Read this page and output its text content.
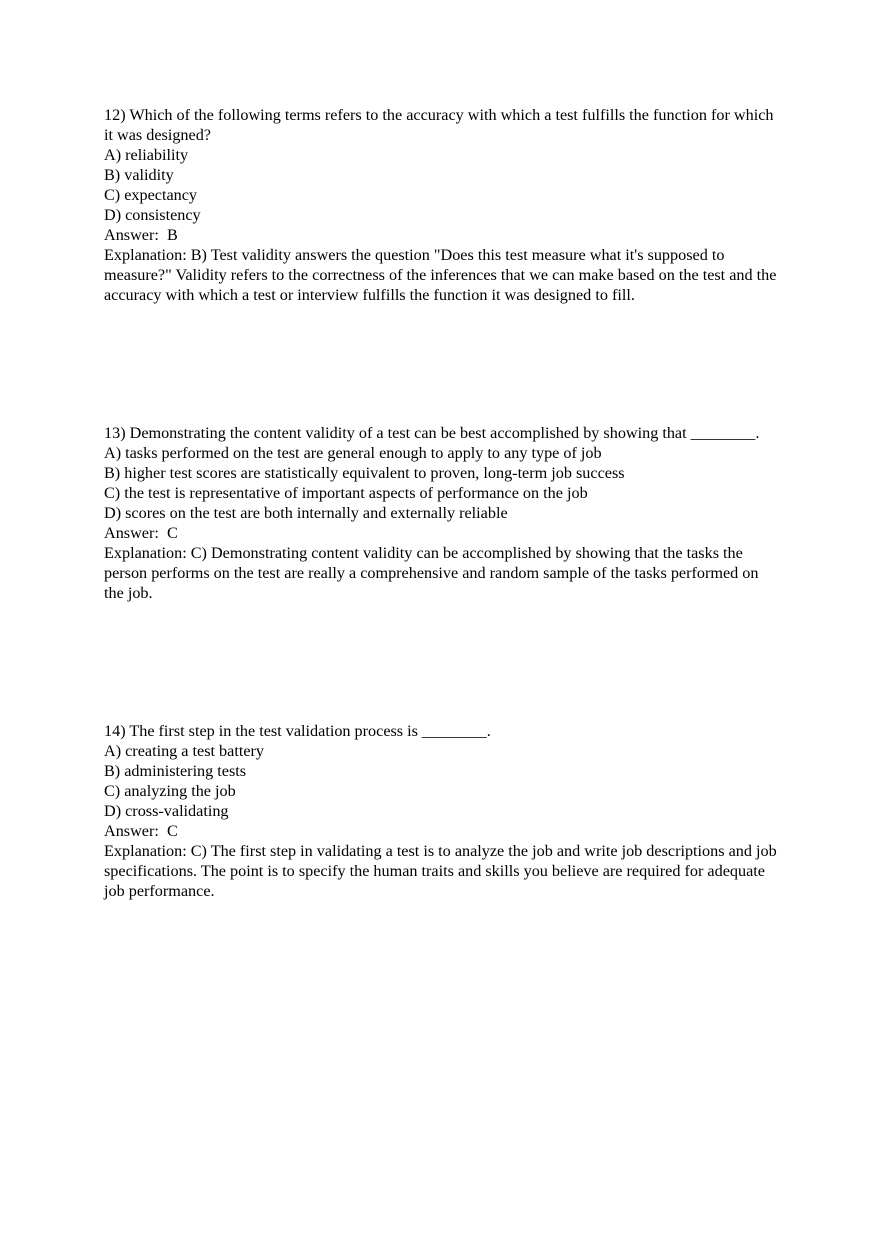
12) Which of the following terms refers to the accuracy with which a test fulfills the function for which it was designed?
A) reliability
B) validity
C) expectancy
D) consistency
Answer:  B
Explanation: B) Test validity answers the question "Does this test measure what it's supposed to measure?" Validity refers to the correctness of the inferences that we can make based on the test and the accuracy with which a test or interview fulfills the function it was designed to fill.
13) Demonstrating the content validity of a test can be best accomplished by showing that ________.
A) tasks performed on the test are general enough to apply to any type of job
B) higher test scores are statistically equivalent to proven, long-term job success
C) the test is representative of important aspects of performance on the job
D) scores on the test are both internally and externally reliable
Answer:  C
Explanation: C) Demonstrating content validity can be accomplished by showing that the tasks the person performs on the test are really a comprehensive and random sample of the tasks performed on the job.
14) The first step in the test validation process is ________.
A) creating a test battery
B) administering tests
C) analyzing the job
D) cross-validating
Answer:  C
Explanation: C) The first step in validating a test is to analyze the job and write job descriptions and job specifications. The point is to specify the human traits and skills you believe are required for adequate job performance.
